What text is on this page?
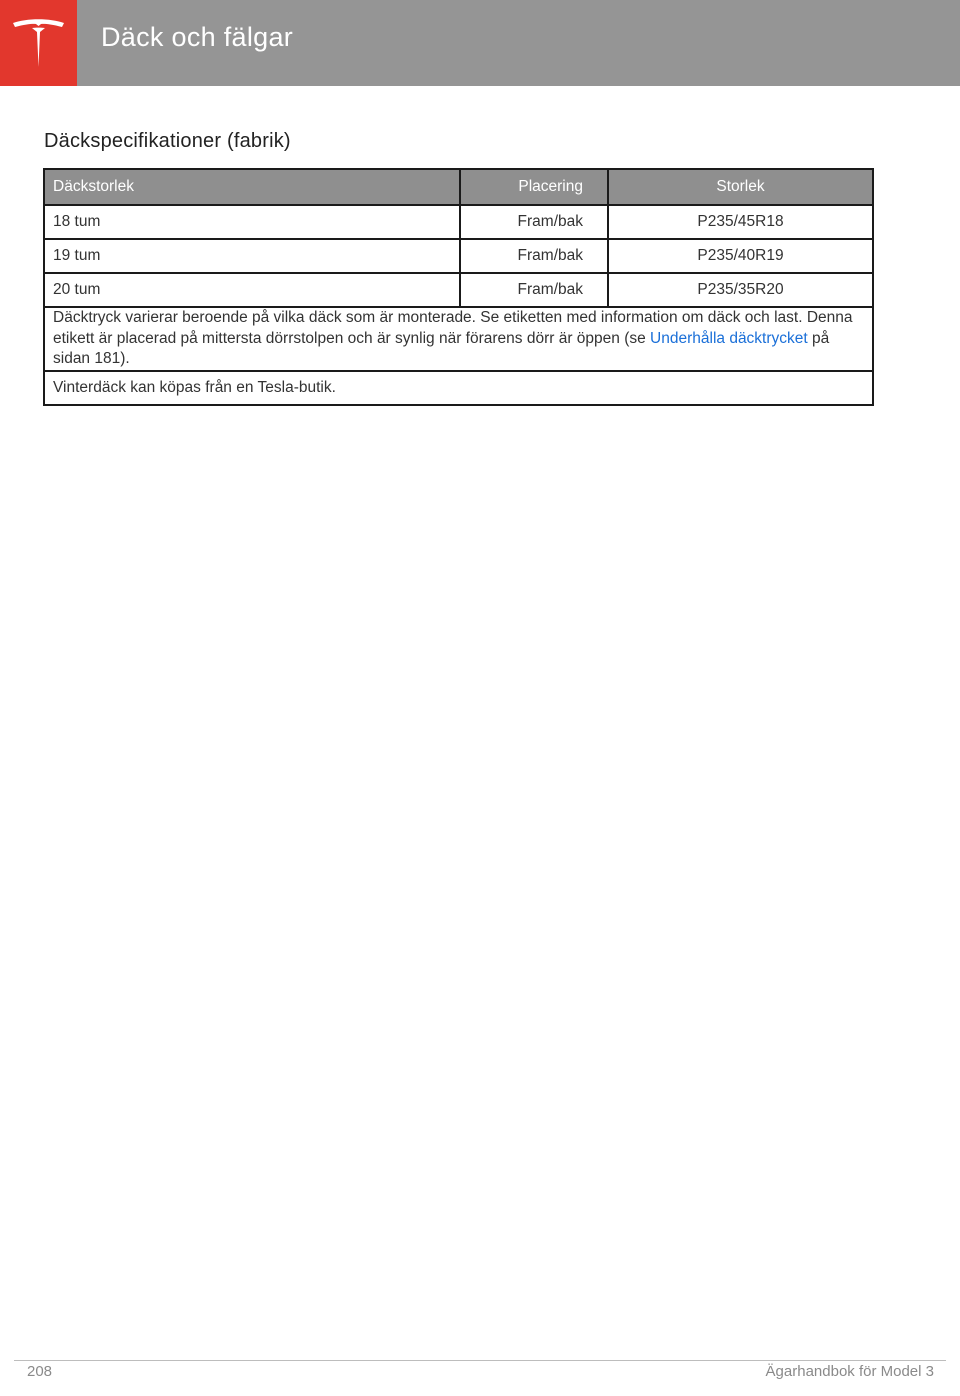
Däck och fälgar
Däckspecifikationer (fabrik)
Däckstorlek	Placering	Storlek
18 tum	Fram/bak	P235/45R18
19 tum	Fram/bak	P235/40R19
20 tum	Fram/bak	P235/35R20
Däcktryck varierar beroende på vilka däck som är monterade. Se etiketten med information om däck och last. Denna etikett är placerad på mittersta dörrstolpen och är synlig när förarens dörr är öppen (se Underhålla däcktrycket på sidan 181).		
Vinterdäck kan köpas från en Tesla-butik.		
208	Ägarhandbok för Model 3
